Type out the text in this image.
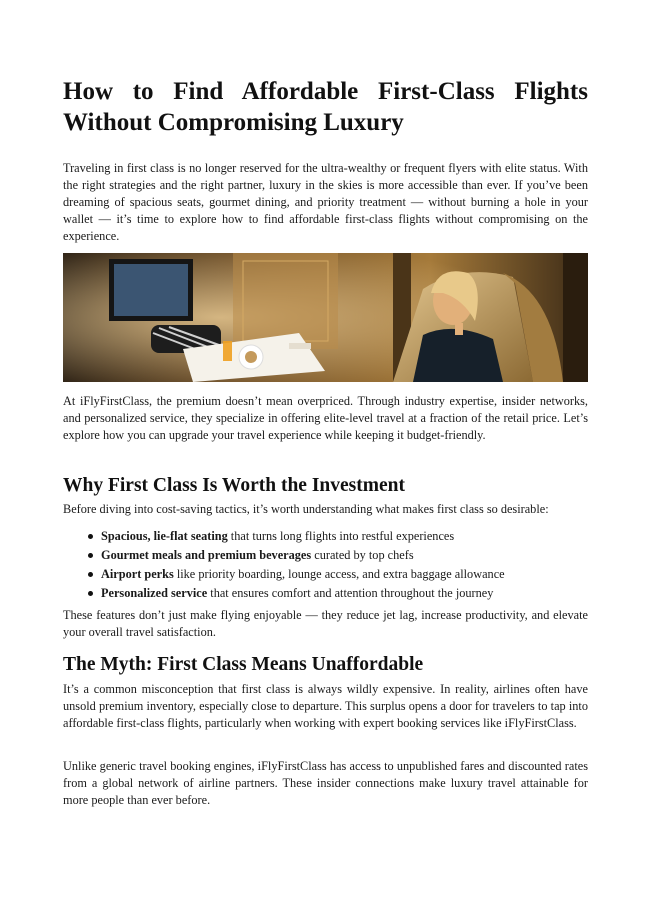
How to Find Affordable First-Class Flights
Without Compromising Luxury

Traveling in first class is no longer reserved for the ultra-wealthy or frequent flyers with elite status. With the right strategies and the right partner, luxury in the skies is more accessible than ever. If you’ve been dreaming of spacious seats, gourmet dining, and priority treatment — without burning a hole in your wallet — it’s time to explore how to find affordable first-class flights without compromising on the experience.

At iFlyFirstClass, the premium doesn’t mean overpriced. Through industry expertise, insider networks, and personalized service, they specialize in offering elite-level travel at a fraction of the retail price. Let’s explore how you can upgrade your travel experience while keeping it budget-friendly.

Why First Class Is Worth the Investment

Before diving into cost-saving tactics, it’s worth understanding what makes first class so desirable:

Spacious, lie-flat seating that turns long flights into restful experiences
Gourmet meals and premium beverages curated by top chefs
Airport perks like priority boarding, lounge access, and extra baggage allowance
Personalized service that ensures comfort and attention throughout the journey

These features don’t just make flying enjoyable — they reduce jet lag, increase productivity, and elevate your overall travel satisfaction.

The Myth: First Class Means Unaffordable

It’s a common misconception that first class is always wildly expensive. In reality, airlines often have unsold premium inventory, especially close to departure. This surplus opens a door for travelers to tap into affordable first-class flights, particularly when working with expert booking services like iFlyFirstClass.

Unlike generic travel booking engines, iFlyFirstClass has access to unpublished fares and discounted rates from a global network of airline partners. These insider connections make luxury travel attainable for more people than ever before.
